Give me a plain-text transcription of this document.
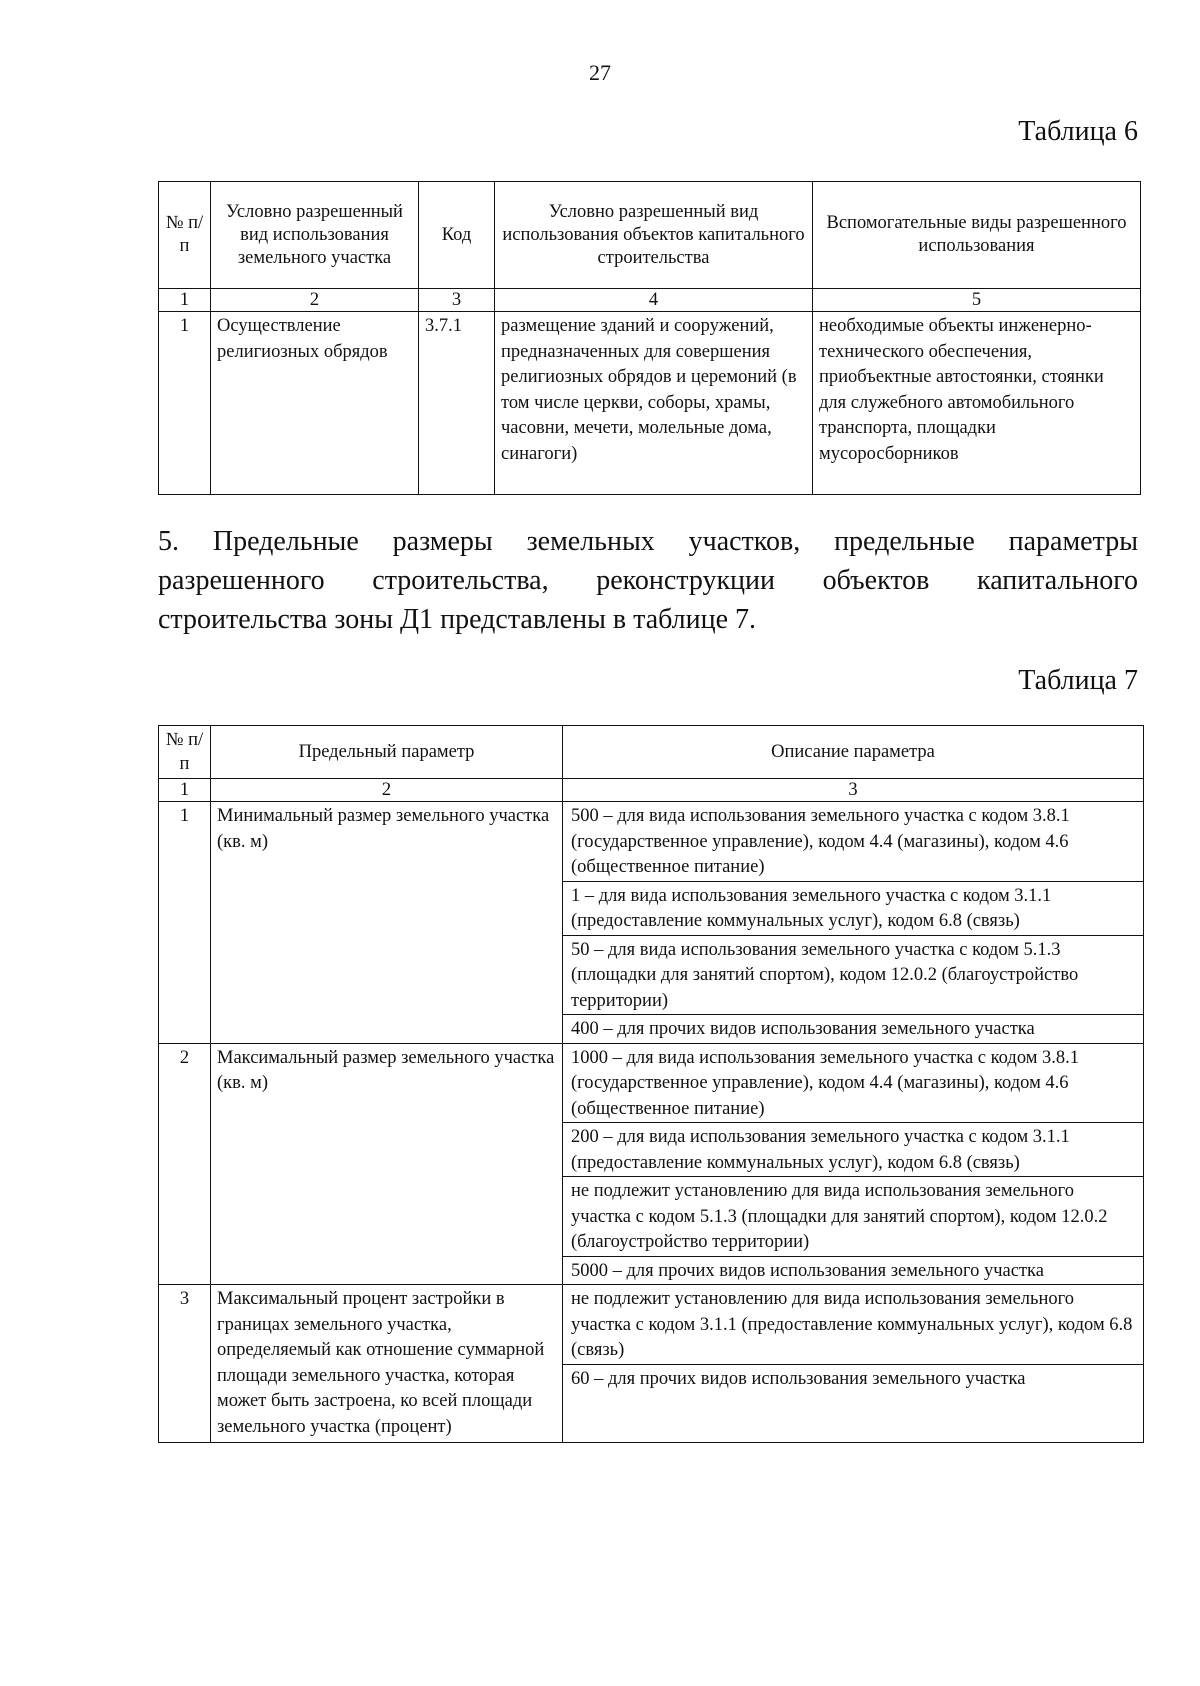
27
Таблица 6
№ п/п	Условно разрешенный вид использования земельного участка	Код	Условно разрешенный вид использования объектов капитального строительства	Вспомогательные виды разрешенного использования
1	2	3	4	5
1	Осуществление религиозных обрядов	3.7.1	размещение зданий и сооружений, предназначенных для совершения религиозных обрядов и церемоний (в том числе церкви, соборы, храмы, часовни, мечети, молельные дома, синагоги)	необходимые объекты инженерно-технического обеспечения, приобъектные автостоянки, стоянки для служебного автомобильного транспорта, площадки мусоросборников
5. Предельные размеры земельных участков, предельные параметры разрешенного строительства, реконструкции объектов капитального строительства зоны Д1 представлены в таблице 7.
Таблица 7
№ п/п	Предельный параметр	Описание параметра
1	2	3
1	Минимальный размер земельного участка (кв. м)	500 – для вида использования земельного участка с кодом 3.8.1 (государственное управление), кодом 4.4 (магазины), кодом 4.6 (общественное питание)
1 – для вида использования земельного участка с кодом 3.1.1 (предоставление коммунальных услуг), кодом 6.8 (связь)
50 – для вида использования земельного участка с кодом 5.1.3 (площадки для занятий спортом), кодом 12.0.2 (благоустройство территории)
400 – для прочих видов использования земельного участка

2	Максимальный размер земельного участка (кв. м)	1000 – для вида использования земельного участка с кодом 3.8.1 (государственное управление), кодом 4.4 (магазины), кодом 4.6 (общественное питание)
200 – для вида использования земельного участка с кодом 3.1.1 (предоставление коммунальных услуг), кодом 6.8 (связь)
не подлежит установлению для вида использования земельного участка с кодом 5.1.3 (площадки для занятий спортом), кодом 12.0.2 (благоустройство территории)
5000 – для прочих видов использования земельного участка

3	Максимальный процент застройки в границах земельного участка, определяемый как отношение суммарной площади земельного участка, которая может быть застроена, ко всей площади земельного участка (процент)	не подлежит установлению для вида использования земельного участка с кодом 3.1.1 (предоставление коммунальных услуг), кодом 6.8 (связь)
60 – для прочих видов использования земельного участка
